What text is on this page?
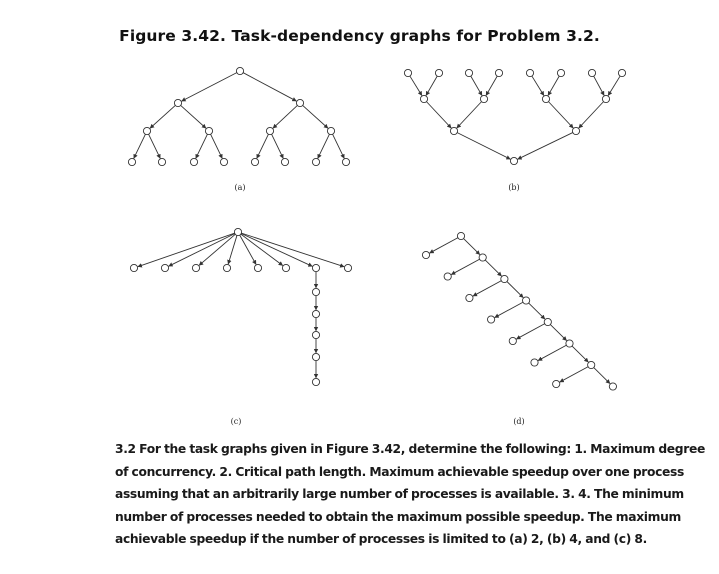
Figure 3.42. Task-dependency graphs for Problem 3.2.
(a)	(b)
(c)	(d)
3.2 For the task graphs given in Figure 3.42, determine the following: 1. Maximum degree of concurrency. 2. Critical path length. Maximum achievable speedup over one process assuming that an arbitrarily large number of processes is available. 3. 4. The minimum number of processes needed to obtain the maximum possible speedup. The maximum achievable speedup if the number of processes is limited to (a) 2, (b) 4, and (c) 8.
